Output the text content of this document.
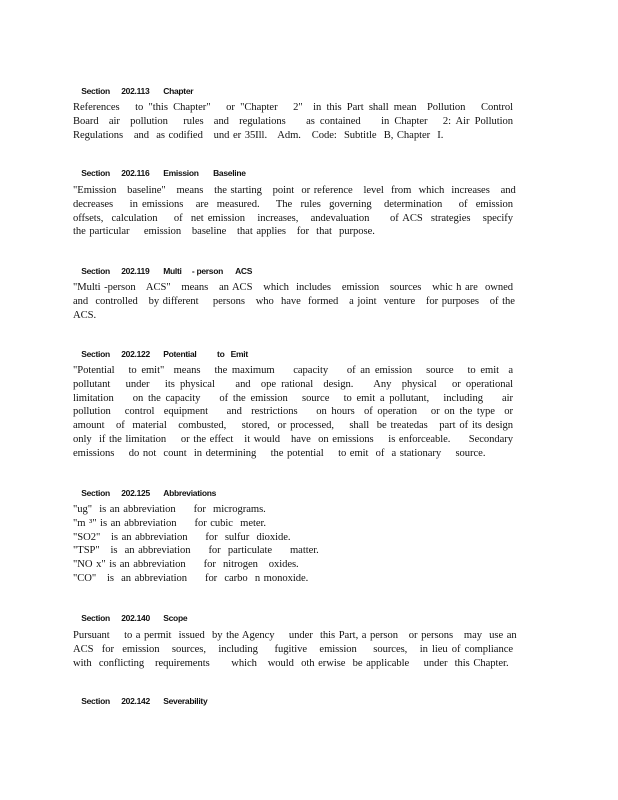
Section 202.113 Chapter

References   to "this Chapter"   or "Chapter   2"  in this Part shall mean  Pollution   Control
Board  air  pollution   rules  and  regulations    as contained    in Chapter   2: Air Pollution
Regulations   and  as codified   und er 35Ill.   Adm.   Code:  Subtitle  B, Chapter  I.

Section 202.116 Emission       Baseline

"Emission   baseline"   means   the starting   point  or reference   level  from  which  increases   and
decreases    in emissions   are  measured.    The  rules  governing   determination    of  emission
offsets,  calculation    of  net emission   increases,   andevaluation     of ACS  strategies   specify
the particular    emission   baseline   that applies   for  that  purpose.

Section 202.119 Multi     - person      ACS

"Multi -person   ACS"   means   an ACS   which  includes   emission   sources   whic h are  owned
and  controlled   by different    persons   who  have  formed   a joint  venture   for purposes   of the
ACS.

Section 202.122 Potential          to   Emit

"Potential   to emit"  means   the maximum    capacity    of an emission   source   to emit  a
pollutant   under   its physical    and  ope rational  design.    Any  physical   or operational
limitation    on the capacity    of the emission   source   to emit a pollutant,   including    air
pollution   control  equipment    and  restrictions    on hours  of operation   or on the type  or
amount   of  material   combusted,    stored,  or processed,    shall  be treatedas   part of its design
only  if the limitation    or the effect   it would   have  on emissions    is enforceable.     Secondary
emissions    do not  count  in determining    the potential    to emit  of  a stationary    source.

Section 202.125 Abbreviations

"ug"  is an abbreviation     for  micrograms.
"m ³" is an abbreviation     for cubic  meter.
"SO2"   is an abbreviation     for  sulfur  dioxide.
"TSP"   is  an abbreviation     for  particulate     matter.
"NO x" is an abbreviation     for  nitrogen   oxides.
"CO"   is  an abbreviation     for  carbo  n monoxide.

Section 202.140 Scope

Pursuant    to a permit  issued  by the Agency    under  this Part, a person   or persons   may  use an
ACS  for  emission   sources,   including    fugitive   emission    sources,   in lieu of compliance
with  conflicting   requirements      which   would  oth erwise  be applicable    under  this Chapter.

Section 202.142 Severability
